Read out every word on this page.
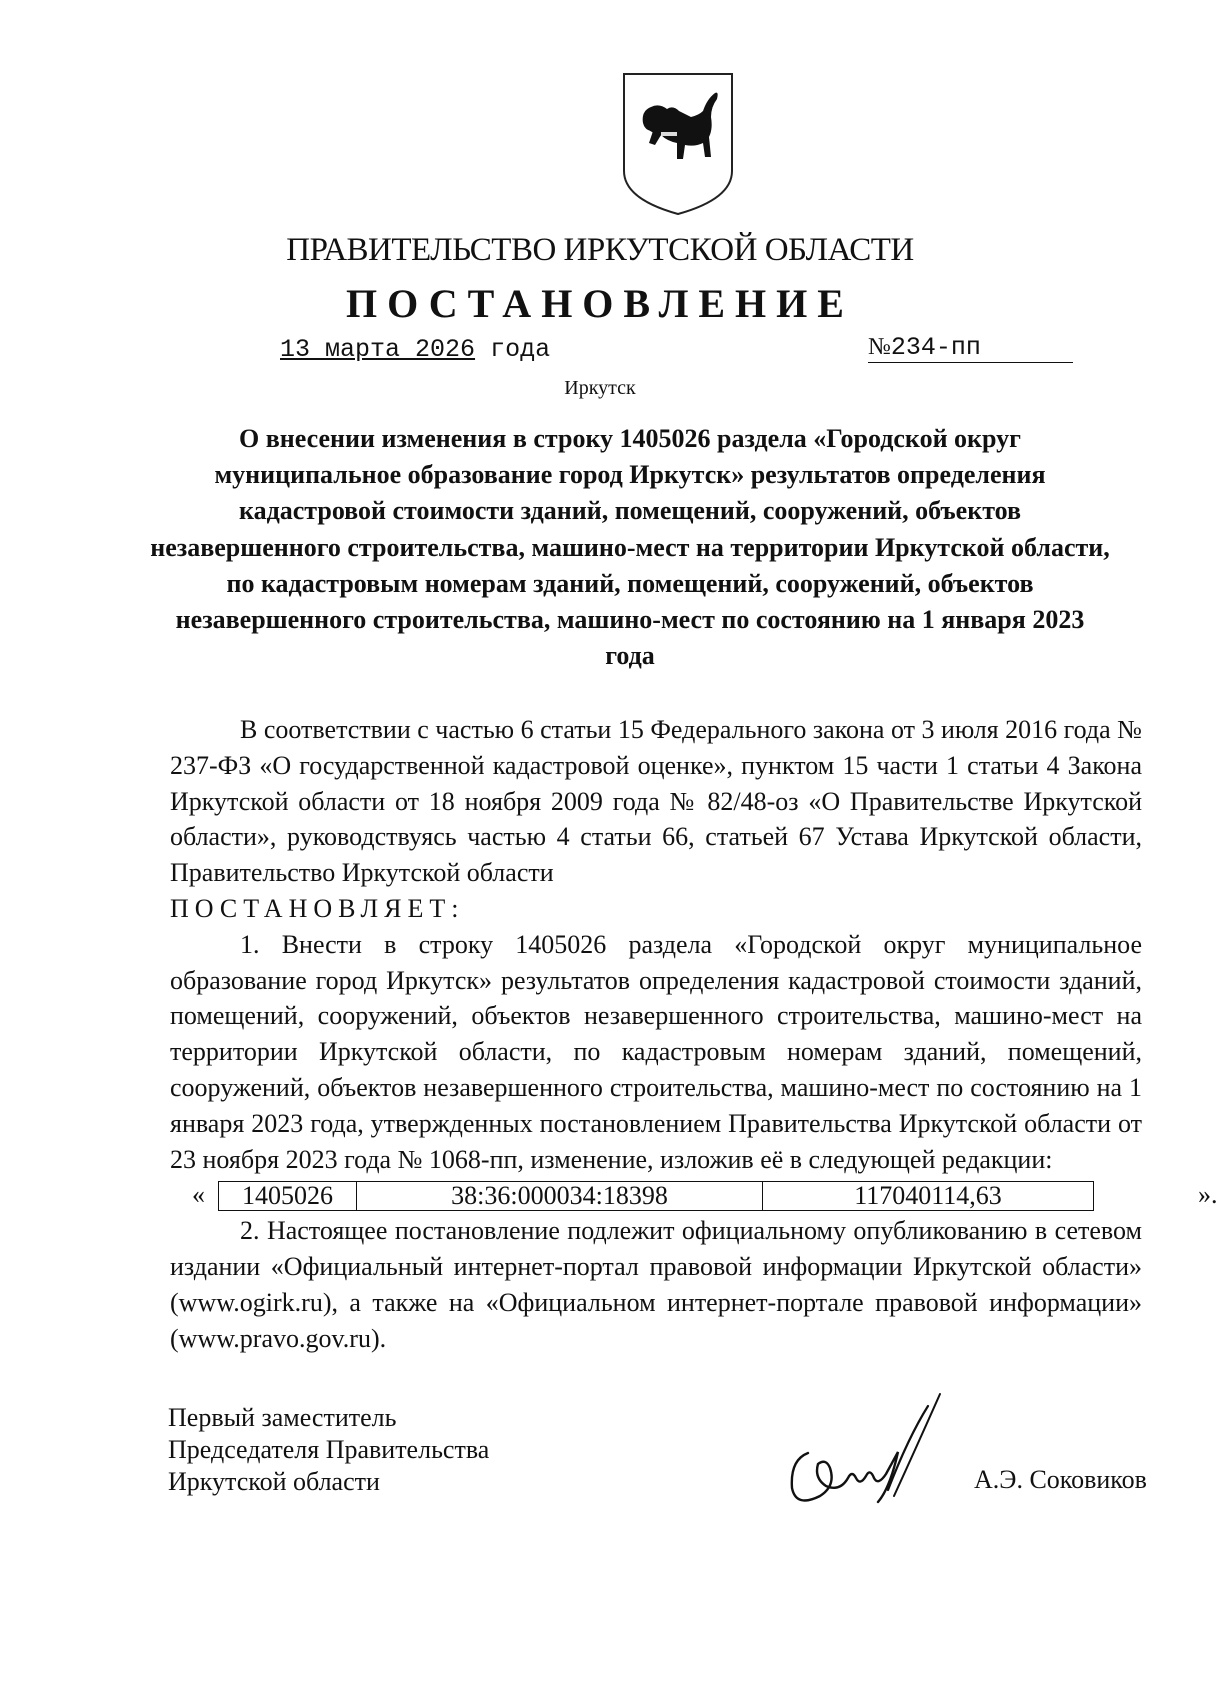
ПРАВИТЕЛЬСТВО ИРКУТСКОЙ ОБЛАСТИ
ПОСТАНОВЛЕНИЕ
13 марта 2026 года	№234-пп
Иркутск
О внесении изменения в строку 1405026 раздела «Городской округ муниципальное образование город Иркутск» результатов определения кадастровой стоимости зданий, помещений, сооружений, объектов незавершенного строительства, машино-мест на территории Иркутской области, по кадастровым номерам зданий, помещений, сооружений, объектов незавершенного строительства, машино-мест по состоянию на 1 января 2023 года

В соответствии с частью 6 статьи 15 Федерального закона от 3 июля 2016 года № 237-ФЗ «О государственной кадастровой оценке», пунктом 15 части 1 статьи 4 Закона Иркутской области от 18 ноября 2009 года № 82/48-оз «О Правительстве Иркутской области», руководствуясь частью 4 статьи 66, статьей 67 Устава Иркутской области, Правительство Иркутской области

ПОСТАНОВЛЯЕТ:

1. Внести в строку 1405026 раздела «Городской округ муниципальное образование город Иркутск» результатов определения кадастровой стоимости зданий, помещений, сооружений, объектов незавершенного строительства, машино-мест на территории Иркутской области, по кадастровым номерам зданий, помещений, сооружений, объектов незавершенного строительства, машино-мест по состоянию на 1 января 2023 года, утвержденных постановлением Правительства Иркутской области от 23 ноября 2023 года № 1068-пп, изменение, изложив её в следующей редакции:

« 1405026	38:36:000034:18398	117040114,63	».

2. Настоящее постановление подлежит официальному опубликованию в сетевом издании «Официальный интернет-портал правовой информации Иркутской области» (www.ogirk.ru), а также на «Официальном интернет-портале правовой информации» (www.pravo.gov.ru).

Первый заместитель

Председателя Правительства

Иркутской области	А.Э. Соковиков
